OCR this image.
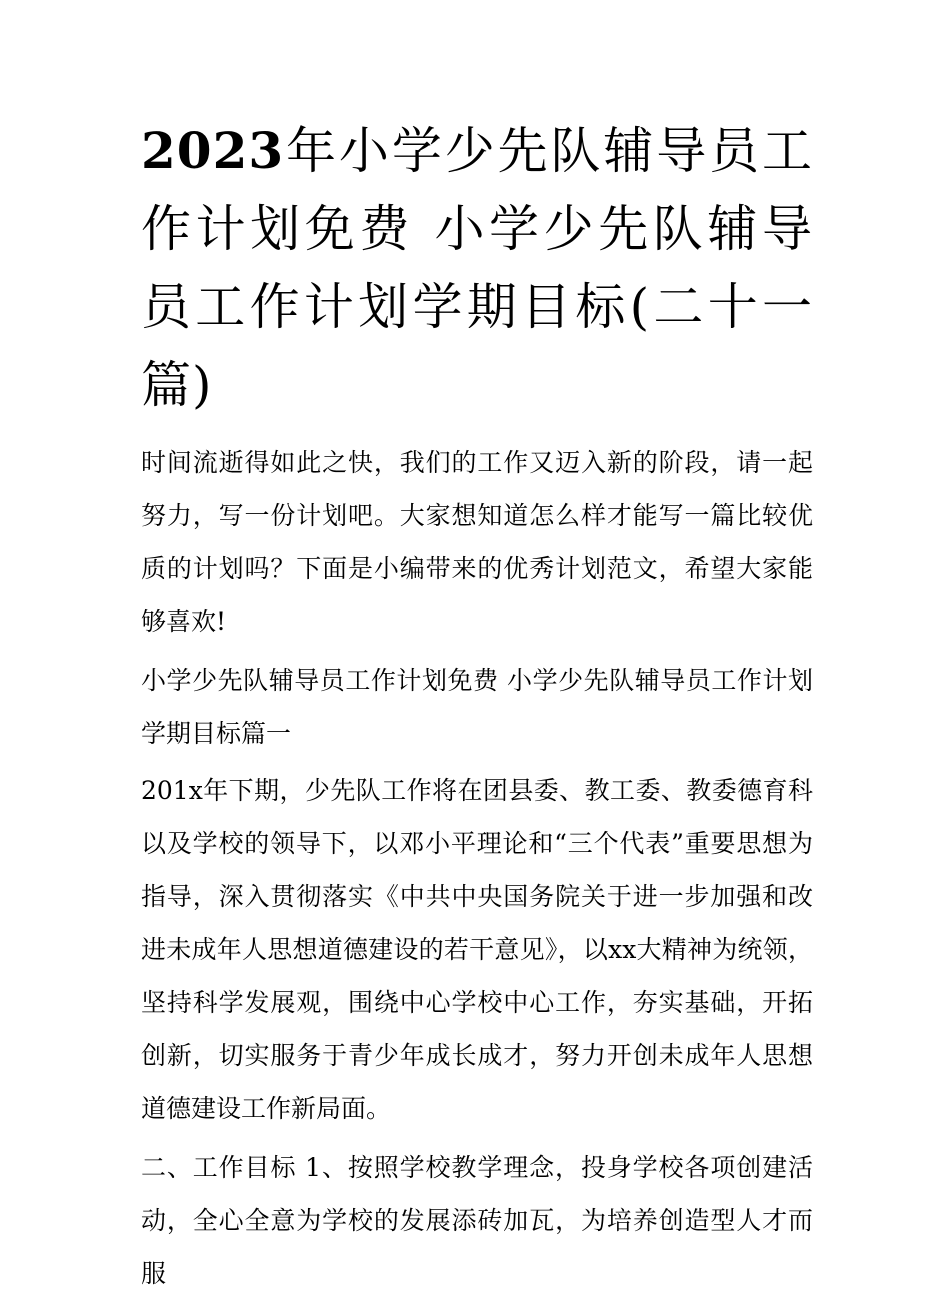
2023年小学少先队辅导员工作计划免费 小学少先队辅导员工作计划学期目标(二十一篇)

时间流逝得如此之快，我们的工作又迈入新的阶段，请一起努力，写一份计划吧。大家想知道怎么样才能写一篇比较优质的计划吗？下面是小编带来的优秀计划范文，希望大家能够喜欢!

小学少先队辅导员工作计划免费 小学少先队辅导员工作计划学期目标篇一

201x年下期，少先队工作将在团县委、教工委、教委德育科以及学校的领导下，以邓小平理论和“三个代表”重要思想为指导，深入贯彻落实《中共中央国务院关于进一步加强和改进未成年人思想道德建设的若干意见》，以xx大精神为统领，坚持科学发展观，围绕中心学校中心工作，夯实基础，开拓创新，切实服务于青少年成长成才，努力开创未成年人思想道德建设工作新局面。

二、工作目标 1、按照学校教学理念，投身学校各项创建活动，全心全意为学校的发展添砖加瓦，为培养创造型人才而服
